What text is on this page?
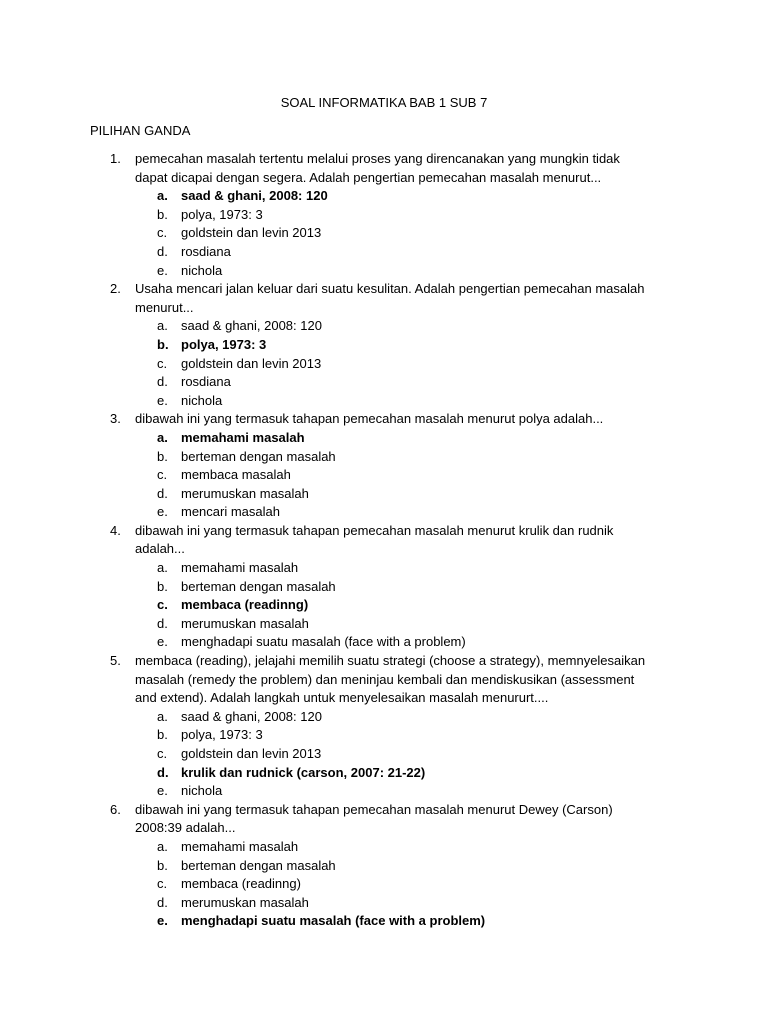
SOAL INFORMATIKA BAB 1 SUB 7
PILIHAN GANDA
1. pemecahan masalah tertentu melalui proses yang direncanakan yang mungkin tidak dapat dicapai dengan segera. Adalah pengertian pemecahan masalah menurut...
a. saad & ghani, 2008: 120
b. polya, 1973: 3
c. goldstein dan levin 2013
d. rosdiana
e. nichola
2. Usaha mencari jalan keluar dari suatu kesulitan. Adalah pengertian pemecahan masalah menurut...
a. saad & ghani, 2008: 120
b. polya, 1973: 3
c. goldstein dan levin 2013
d. rosdiana
e. nichola
3. dibawah ini yang termasuk tahapan pemecahan masalah menurut polya adalah...
a. memahami masalah
b. berteman dengan masalah
c. membaca masalah
d. merumuskan masalah
e. mencari masalah
4. dibawah ini yang termasuk tahapan pemecahan masalah menurut krulik dan rudnik adalah...
a. memahami masalah
b. berteman dengan masalah
c. membaca (readinng)
d. merumuskan masalah
e. menghadapi suatu masalah (face with a problem)
5. membaca (reading), jelajahi memilih suatu strategi (choose a strategy), memnyelesaikan masalah (remedy the problem) dan meninjau kembali dan mendiskusikan (assessment and extend). Adalah langkah untuk menyelesaikan masalah menururt....
a. saad & ghani, 2008: 120
b. polya, 1973: 3
c. goldstein dan levin 2013
d. krulik dan rudnick (carson, 2007: 21-22)
e. nichola
6. dibawah ini yang termasuk tahapan pemecahan masalah menurut Dewey (Carson) 2008:39 adalah...
a. memahami masalah
b. berteman dengan masalah
c. membaca (readinng)
d. merumuskan masalah
e. menghadapi suatu masalah (face with a problem)
